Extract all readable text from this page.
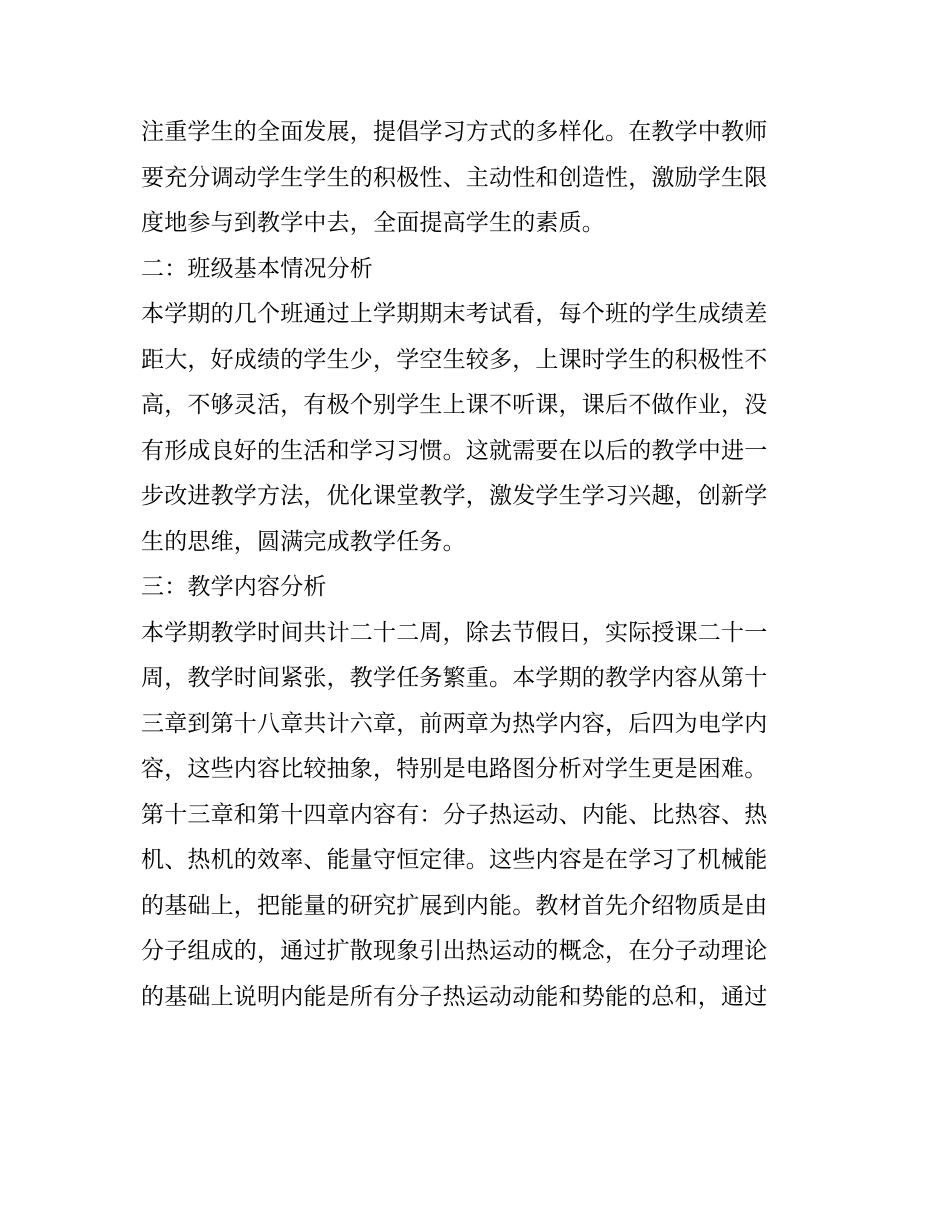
注重学生的全面发展，提倡学习方式的多样化。在教学中教师
要充分调动学生学生的积极性、主动性和创造性，激励学生限
度地参与到教学中去，全面提高学生的素质。
二：班级基本情况分析
本学期的几个班通过上学期期末考试看，每个班的学生成绩差
距大，好成绩的学生少，学空生较多，上课时学生的积极性不
高，不够灵活，有极个别学生上课不听课，课后不做作业，没
有形成良好的生活和学习习惯。这就需要在以后的教学中进一
步改进教学方法，优化课堂教学，激发学生学习兴趣，创新学
生的思维，圆满完成教学任务。
三：教学内容分析
本学期教学时间共计二十二周，除去节假日，实际授课二十一
周，教学时间紧张，教学任务繁重。本学期的教学内容从第十
三章到第十八章共计六章，前两章为热学内容，后四为电学内
容，这些内容比较抽象，特别是电路图分析对学生更是困难。
第十三章和第十四章内容有：分子热运动、内能、比热容、热
机、热机的效率、能量守恒定律。这些内容是在学习了机械能
的基础上，把能量的研究扩展到内能。教材首先介绍物质是由
分子组成的，通过扩散现象引出热运动的概念，在分子动理论
的基础上说明内能是所有分子热运动动能和势能的总和，通过
